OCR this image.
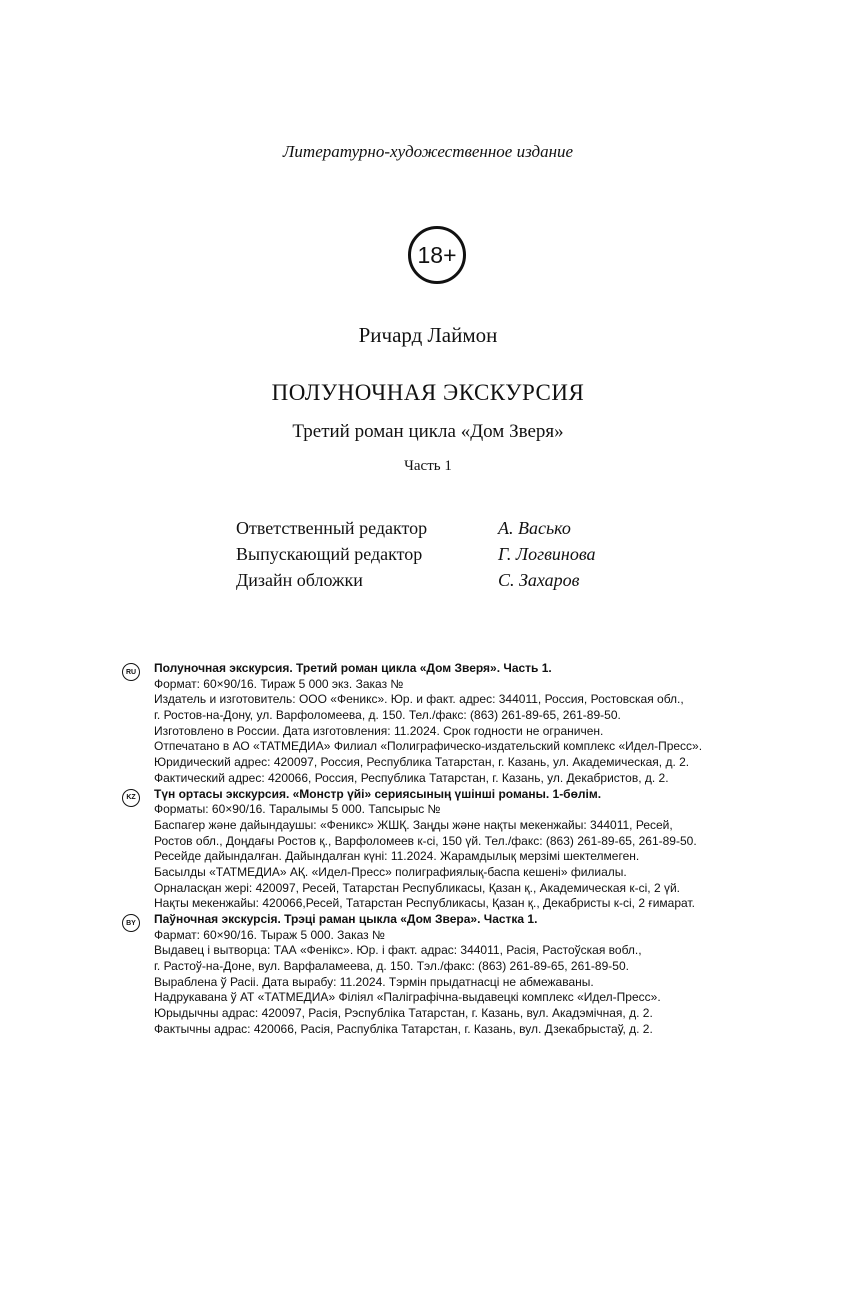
Литературно-художественное издание
18+
Ричард Лаймон
ПОЛУНОЧНАЯ ЭКСКУРСИЯ
Третий роман цикла «Дом Зверя»
Часть 1
Ответственный редактор	А. Васько
Выпускающий редактор	Г. Логвинова
Дизайн обложки	С. Захаров
RU	Полуночная экскурсия. Третий роман цикла «Дом Зверя». Часть 1.
Формат: 60×90/16. Тираж 5 000 экз. Заказ №
Издатель и изготовитель: ООО «Феникс». Юр. и факт. адрес: 344011, Россия, Ростовская обл.,
г. Ростов-на-Дону, ул. Варфоломеева, д. 150. Тел./факс: (863) 261-89-65, 261-89-50.
Изготовлено в России. Дата изготовления: 11.2024. Срок годности не ограничен.
Отпечатано в АО «ТАТМЕДИА» Филиал «Полиграфическо-издательский комплекс «Идел-Пресс».
Юридический адрес: 420097, Россия, Республика Татарстан, г. Казань, ул. Академическая, д. 2.
Фактический адрес: 420066, Россия, Республика Татарстан, г. Казань, ул. Декабристов, д. 2.
KZ	Түн ортасы экскурсия. «Монстр үйі» сериясының үшінші романы. 1-бөлім.
Форматы: 60×90/16. Таралымы 5 000. Тапсырыс №
Баспагер және дайындаушы: «Феникс» ЖШҚ. Заңды және нақты мекенжайы: 344011, Ресей,
Ростов обл., Доңдағы Ростов қ., Варфоломеев к-сі, 150 үй. Тел./факс: (863) 261-89-65, 261-89-50.
Ресейде дайындалған. Дайындалған күні: 11.2024. Жарамдылық мерзімі шектелмеген.
Басылды «ТАТМЕДИА» АҚ. «Идел-Пресс» полиграфиялық-баспа кешені» филиалы.
Орналасқан жері: 420097, Ресей, Татарстан Республикасы, Қазан қ., Академическая к-сі, 2 үй.
Нақты мекенжайы: 420066,Ресей, Татарстан Республикасы, Қазан қ., Декабристы к-сі, 2 ғимарат.
BY	Паўночная экскурсія. Трэці раман цыкла «Дом Звера». Частка 1.
Фармат: 60×90/16. Тыраж 5 000. Заказ №
Выдавец і вытворца: ТАА «Фенікс». Юр. і факт. адрас: 344011, Расія, Растоўская вобл.,
г. Растоў-на-Доне, вул. Варфаламеева, д. 150. Тэл./факс: (863) 261-89-65, 261-89-50.
Выраблена ў Расіі. Дата вырабу: 11.2024. Тэрмін прыдатнасці не абмежаваны.
Надрукавана ў АТ «ТАТМЕДИА» Філіял «Паліграфічна-выдавецкі комплекс «Идел-Пресс».
Юрыдычны адрас: 420097, Расія, Рэспубліка Татарстан, г. Казань, вул. Акадэмічная, д. 2.
Фактычны адрас: 420066, Расія, Распубліка Татарстан, г. Казань, вул. Дзекабрыстаў, д. 2.
